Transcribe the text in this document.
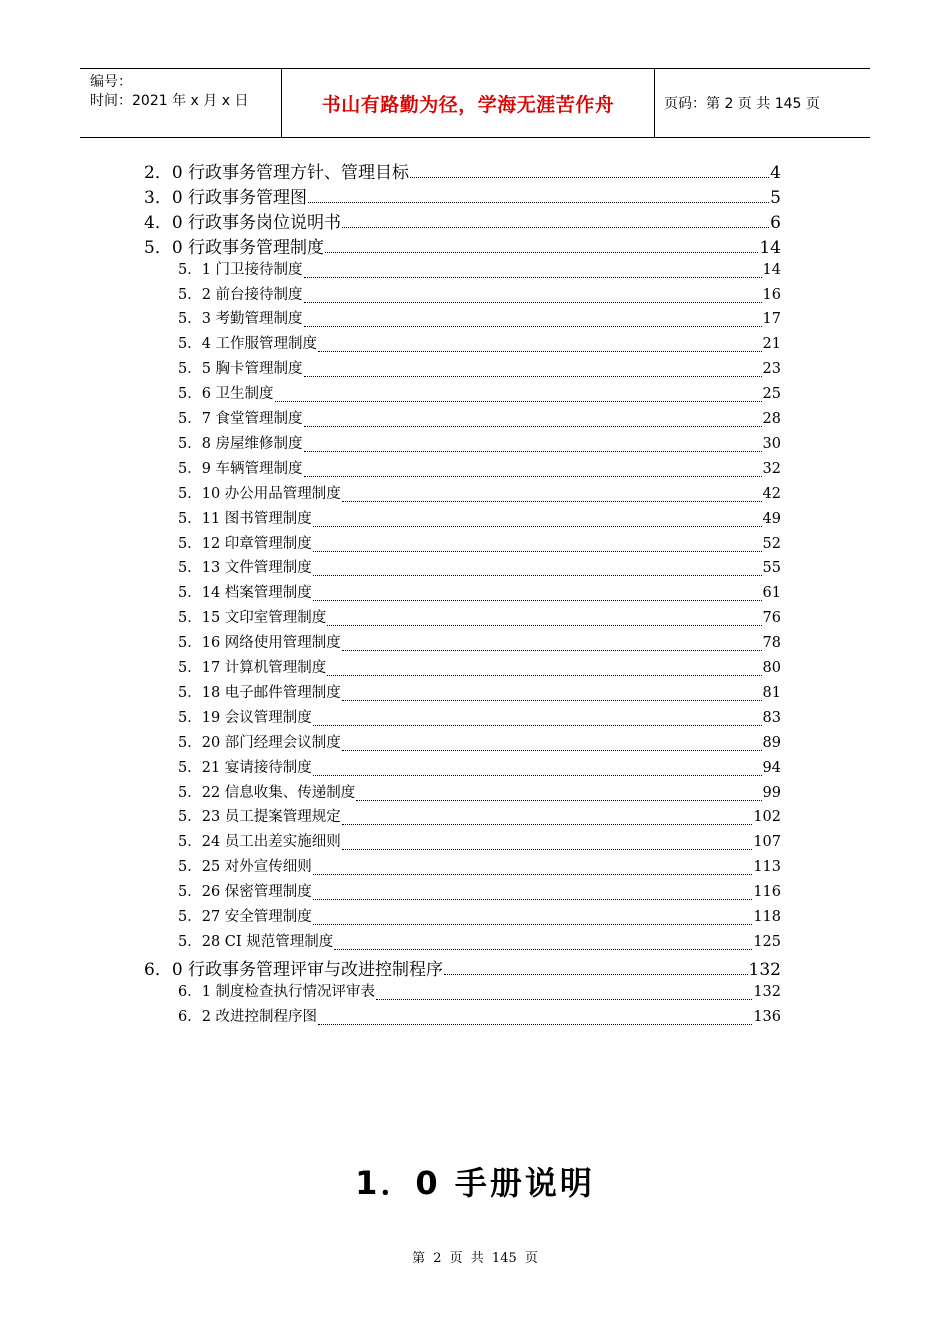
编号：
时间：2021 年 x 月 x 日	书山有路勤为径，学海无涯苦作舟	页码：第 2 页 共 145 页
2．0 行政事务管理方针、管理目标	4
3．0 行政事务管理图	5
4．0 行政事务岗位说明书	6
5．0 行政事务管理制度	14
5．1 门卫接待制度	14
5．2 前台接待制度	16
5．3 考勤管理制度	17
5．4 工作服管理制度	21
5．5 胸卡管理制度	23
5．6 卫生制度	25
5．7 食堂管理制度	28
5．8 房屋维修制度	30
5．9 车辆管理制度	32
5．10 办公用品管理制度	42
5．11 图书管理制度	49
5．12 印章管理制度	52
5．13 文件管理制度	55
5．14 档案管理制度	61
5．15 文印室管理制度	76
5．16 网络使用管理制度	78
5．17 计算机管理制度	80
5．18 电子邮件管理制度	81
5．19 会议管理制度	83
5．20 部门经理会议制度	89
5．21 宴请接待制度	94
5．22 信息收集、传递制度	99
5．23 员工提案管理规定	102
5．24 员工出差实施细则	107
5．25 对外宣传细则	113
5．26 保密管理制度	116
5．27 安全管理制度	118
5．28 CI 规范管理制度	125
6．0 行政事务管理评审与改进控制程序	132
6．1 制度检查执行情况评审表	132
6．2 改进控制程序图	136
1．0 手册说明
第 2 页 共 145 页
